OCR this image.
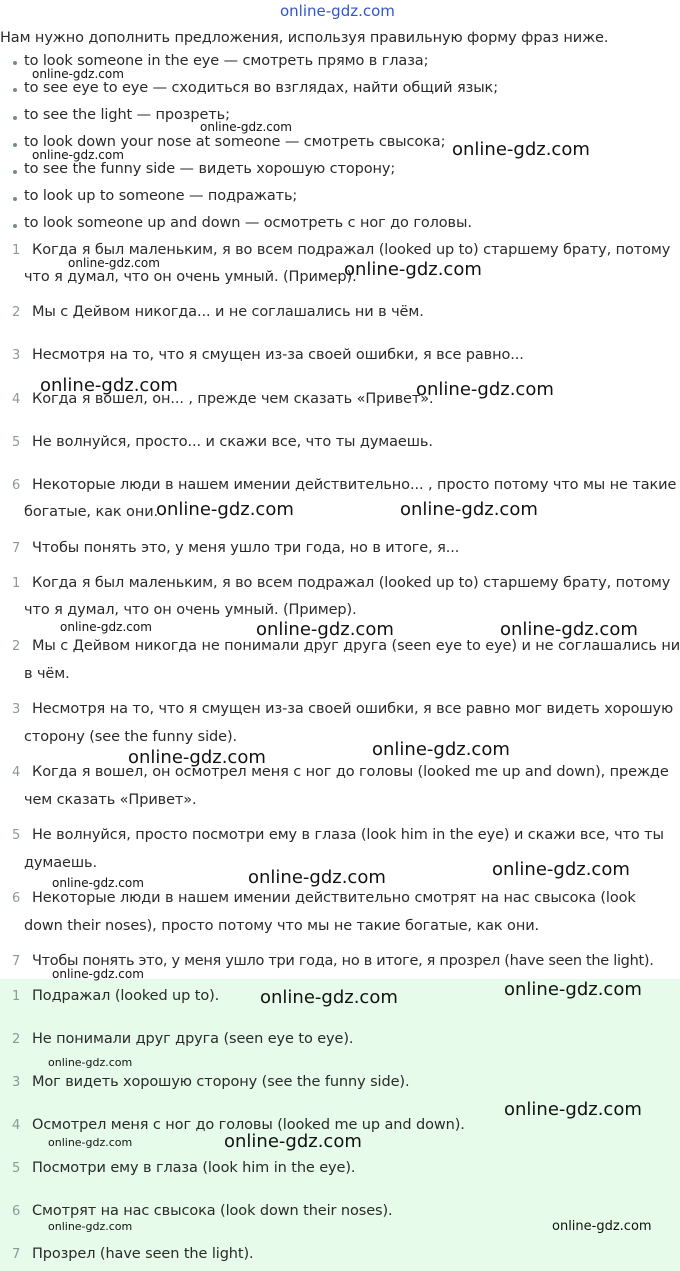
online-gdz.com
Нам нужно дополнить предложения, используя правильную форму фраз ниже.
to look someone in the eye — смотреть прямо в глаза;
to see eye to eye — сходиться во взглядах, найти общий язык;
to see the light — прозреть;
to look down your nose at someone — смотреть свысока;
to see the funny side — видеть хорошую сторону;
to look up to someone — подражать;
to look someone up and down — осмотреть с ног до головы.
1 Когда я был маленьким, я во всем подражал (looked up to) старшему брату, потому
что я думал, что он очень умный. (Пример).
2 Мы с Дейвом никогда... и не соглашались ни в чём.
3 Несмотря на то, что я смущен из-за своей ошибки, я все равно...
4 Когда я вошел, он... , прежде чем сказать «Привет».
5 Не волнуйся, просто... и скажи все, что ты думаешь.
6 Некоторые люди в нашем имении действительно... , просто потому что мы не такие
богатые, как они.
7 Чтобы понять это, у меня ушло три года, но в итоге, я...
1 Когда я был маленьким, я во всем подражал (looked up to) старшему брату, потому
что я думал, что он очень умный. (Пример).
2 Мы с Дейвом никогда не понимали друг друга (seen eye to eye) и не соглашались ни
в чём.
3 Несмотря на то, что я смущен из-за своей ошибки, я все равно мог видеть хорошую
сторону (see the funny side).
4 Когда я вошел, он осмотрел меня с ног до головы (looked me up and down), прежде
чем сказать «Привет».
5 Не волнуйся, просто посмотри ему в глаза (look him in the eye) и скажи все, что ты
думаешь.
6 Некоторые люди в нашем имении действительно смотрят на нас свысока (look
down their noses), просто потому что мы не такие богатые, как они.
7 Чтобы понять это, у меня ушло три года, но в итоге, я прозрел (have seen the light).
1 Подражал (looked up to).
2 Не понимали друг друга (seen eye to eye).
3 Мог видеть хорошую сторону (see the funny side).
4 Осмотрел меня с ног до головы (looked me up and down).
5 Посмотри ему в глаза (look him in the eye).
6 Смотрят на нас свысока (look down their noses).
7 Прозрел (have seen the light).
online-gdz.com
online-gdz.com
online-gdz.com	online-gdz.com
online-gdz.com	online-gdz.com
online-gdz.com	online-gdz.com
online-gdz.com	online-gdz.com
online-gdz.com	online-gdz.com	online-gdz.com
online-gdz.com	online-gdz.com
online-gdz.com	online-gdz.com	online-gdz.com
online-gdz.com
online-gdz.com	online-gdz.com
online-gdz.com
online-gdz.com
online-gdz.com	online-gdz.com
online-gdz.com	online-gdz.com
